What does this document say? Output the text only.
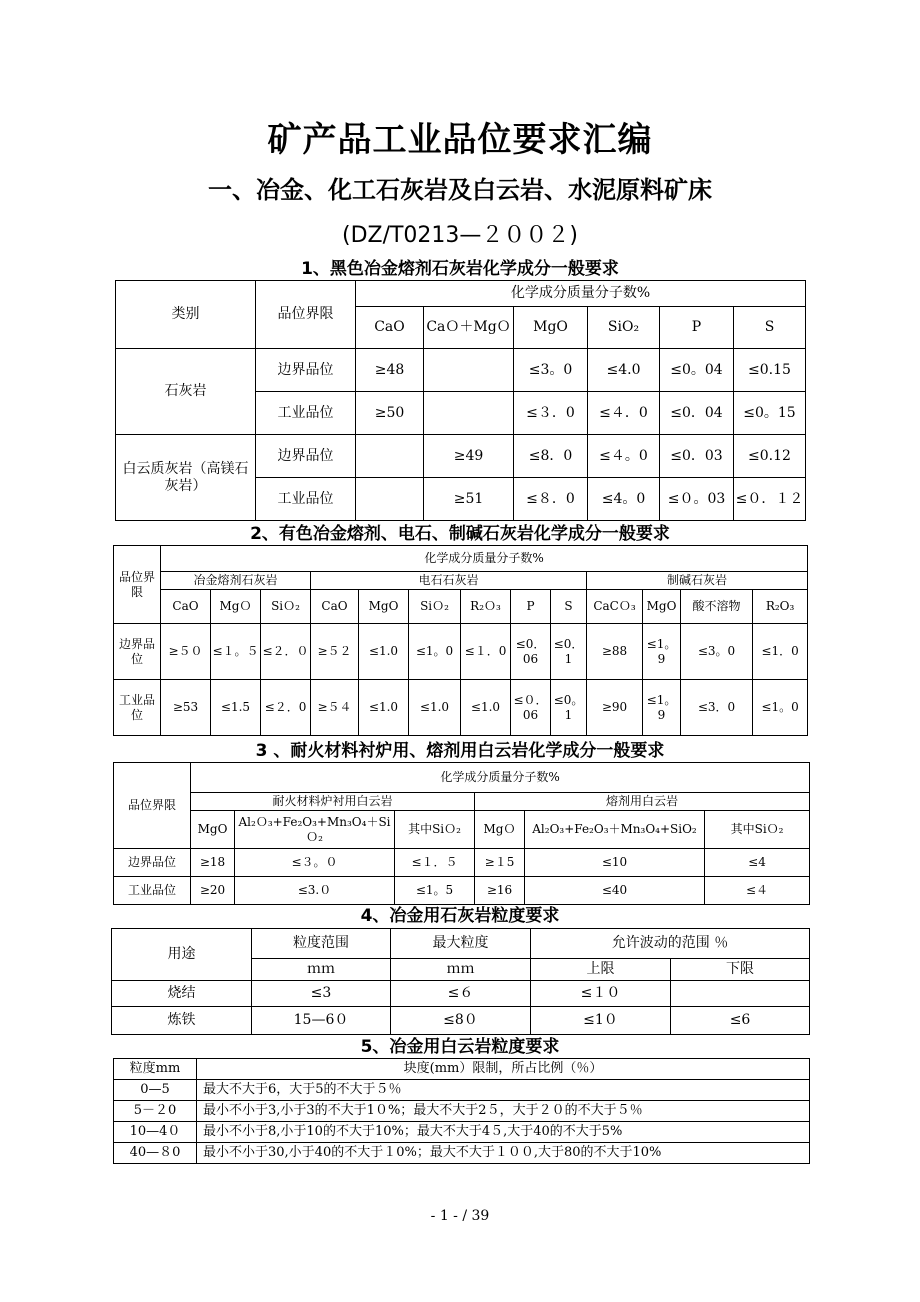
矿产品工业品位要求汇编
一、冶金、化工石灰岩及白云岩、水泥原料矿床
(DZ/T0213—２００２)
1、黑色冶金熔剂石灰岩化学成分一般要求
类别	品位界限	化学成分质量分子数%					
		CaO	CaＯ＋MgＯ	MgO	SiO₂	P	S
石灰岩	边界品位	≥48		≤3。0	≤4.0	≤0。04	≤0.15
	工业品位	≥50		≤３．0	≤４．0	≤0．04	≤0。15
白云质灰岩（高镁石灰岩）	边界品位		≥49	≤8．0	≤４。0	≤0．03	≤0.12
	工业品位		≥51	≤８．0	≤4。0	≤０。03	≤０．１２
2、有色冶金熔剂、电石、制碱石灰岩化学成分一般要求
品位界限	化学成分质量分子数%												
	冶金熔剂石灰岩			电石石灰岩						制碱石灰岩			
	CaO	MgＯ	SiＯ₂	CaO	MgO	SiＯ₂	R₂Ｏ₃	P	S	CaCＯ₃	MgO	酸不溶物	R₂O₃
边界品位	≥５０	≤１。５	≤２．０	≥５２	≤1.0	≤1。0	≤１．0	≤0．06	≤0．1	≥88	≤1。9	≤3。0	≤1．0
工业品位	≥53	≤1.5	≤２．0	≥５４	≤1.0	≤1.0	≤1.0	≤０．06	≤0。1	≥90	≤1。9	≤3．0	≤1。0
3 、耐火材料衬炉用、熔剂用白云岩化学成分一般要求
品位界限	化学成分质量分子数%					
	耐火材料炉衬用白云岩			熔剂用白云岩		
	MgO	Al₂Ｏ₃+Fe₂O₃+Mn₃O₄＋SiＯ₂	其中SiＯ₂	MgＯ	Al₂O₃+Fe₂O₃＋Mn₃O₄+SiO₂	其中SiＯ₂
边界品位	≥18	≤３。０	≤１．５	≥１5	≤10	≤4
工业品位	≥20	≤3.０	≤1。5	≥16	≤40	≤４
4、冶金用石灰岩粒度要求
用途	粒度范围	最大粒度	允许波动的范围 ％	
	ｍｍ	ｍｍ	上限	下限
烧结	≤3	≤６	≤１０	
炼铁	15—6０	≤8０	≤1０	≤6
5、冶金用白云岩粒度要求
粒度mm	块度(mm）限制，所占比例（％）
0—5	最大不大于6，大于5的不大于５％
5－２0	最小不小于3,小于3的不大于1０%；最大不大于2５，大于２０的不大于５％
10—4０	最小不小于8,小于10的不大于10%；最大不大于4５,大于40的不大于5%
40—８0	最小不小于30,小于40的不大于１0%；最大不大于１００,大于80的不大于10%
- 1 - / 39
